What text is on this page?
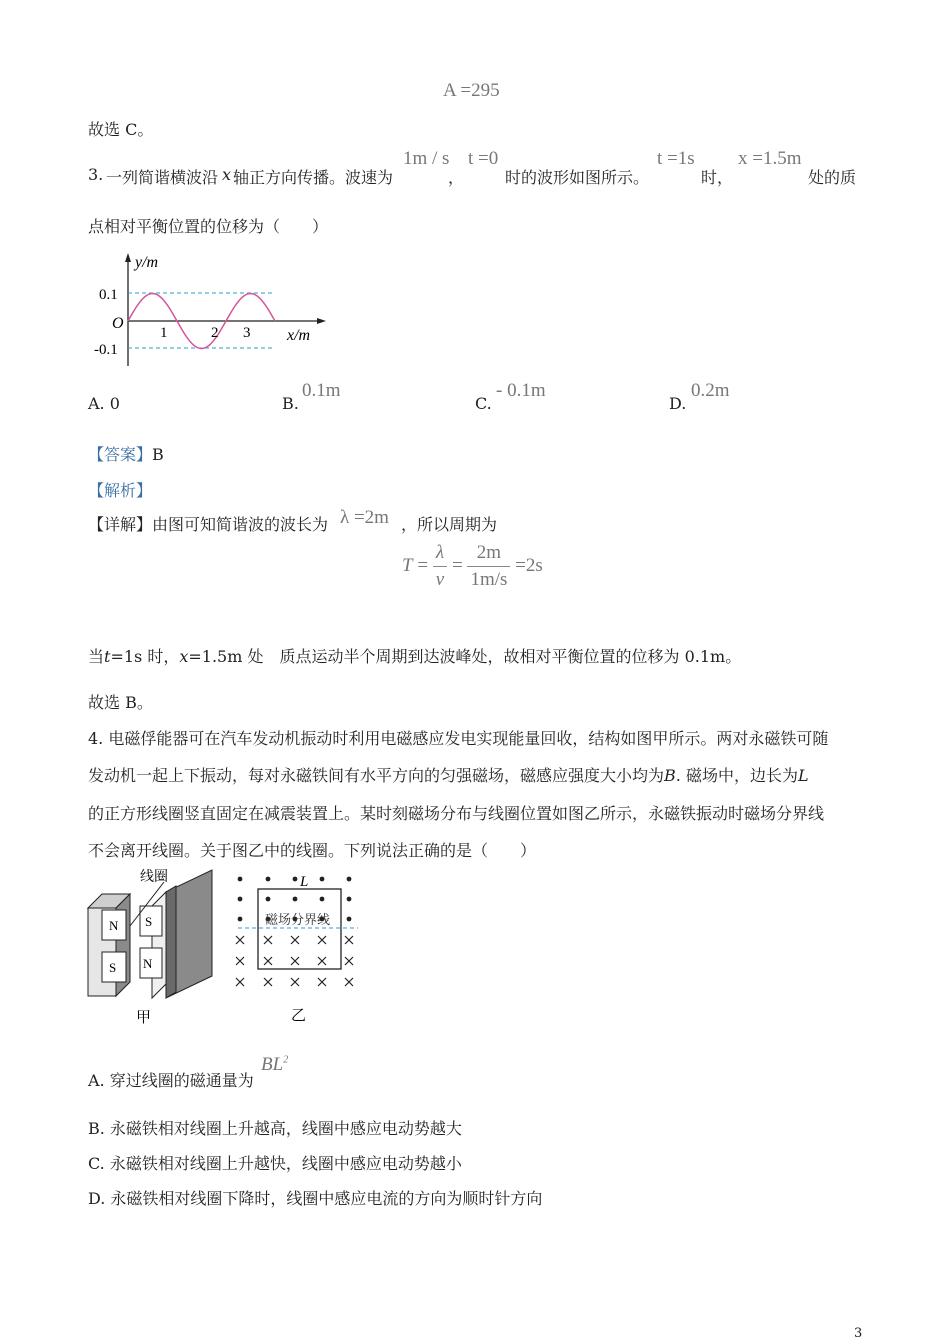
A =295
故选 C。
3. 一列简谐横波沿 x 轴正方向传播。波速为
1m / s
，
t =0
时的波形如图所示。
t =1s
时，
x =1.5m
处的质
点相对平衡位置的位移为（　　）
y/m
x/m
O
0.1
-0.1
1	2 3
A. 0	B.
0.1m
C.
- 0.1m
D.
0.2m
【答案】B
【解析】
【详解】 由图可知简谐波的波长为 λ =2m ，所以周期为
$T = \frac{\lambda}{v} = \frac{2m}{1m/s} =2s$
当t=1s 时，x=1.5m 处　质点运动半个周期到达波峰处，故相对平衡位置的位移为 0.1m。
故选 B。
4. 电磁俘能器可在汽车发动机振动时利用电磁感应发电实现能量回收，结构如图甲所示。两对永磁铁可随
发动机一起上下振动，每对永磁铁间有水平方向的匀强磁场，磁感应强度大小均为B. 磁场中，边长为L
的正方形线圈竖直固定在减震装置上。某时刻磁场分布与线圈位置如图乙所示，永磁铁振动时磁场分界线
不会离开线圈。关于图乙中的线圈。下列说法正确的是（　　）
N S
S N
线圈
甲
L
磁场分界线
乙
A. 穿过线圈的磁通量为
$BL^2$
B. 永磁铁相对线圈上升越高，线圈中感应电动势越大
C. 永磁铁相对线圈上升越快，线圈中感应电动势越小
D. 永磁铁相对线圈下降时，线圈中感应电流的方向为顺时针方向
3
